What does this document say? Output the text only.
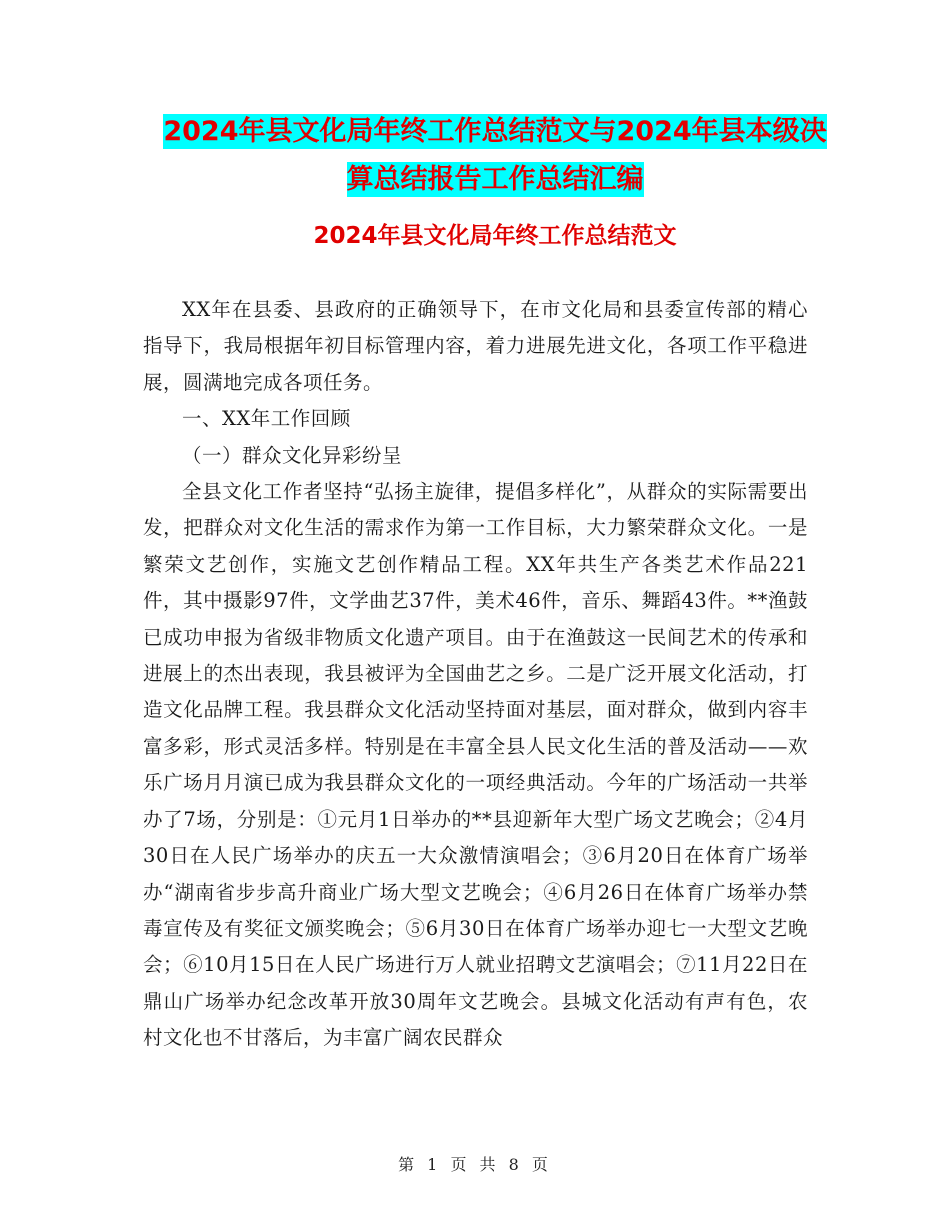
2024年县文化局年终工作总结范文与2024年县本级决
算总结报告工作总结汇编
2024年县文化局年终工作总结范文

XX年在县委、县政府的正确领导下，在市文化局和县委宣传部的精心指导下，我局根据年初目标管理内容，着力进展先进文化，各项工作平稳进展，圆满地完成各项任务。

一、XX年工作回顾

（一）群众文化异彩纷呈

全县文化工作者坚持“弘扬主旋律，提倡多样化”，从群众的实际需要出发，把群众对文化生活的需求作为第一工作目标，大力繁荣群众文化。一是繁荣文艺创作，实施文艺创作精品工程。XX年共生产各类艺术作品221件，其中摄影97件，文学曲艺37件，美术46件，音乐、舞蹈43件。**渔鼓已成功申报为省级非物质文化遗产项目。由于在渔鼓这一民间艺术的传承和进展上的杰出表现，我县被评为全国曲艺之乡。二是广泛开展文化活动，打造文化品牌工程。我县群众文化活动坚持面对基层，面对群众，做到内容丰富多彩，形式灵活多样。特别是在丰富全县人民文化生活的普及活动——欢乐广场月月演已成为我县群众文化的一项经典活动。今年的广场活动一共举办了7场，分别是：①元月1日举办的**县迎新年大型广场文艺晚会；②4月30日在人民广场举办的庆五一大众激情演唱会；③6月20日在体育广场举办“湖南省步步高升商业广场大型文艺晚会；④6月26日在体育广场举办禁毒宣传及有奖征文颁奖晚会；⑤6月30日在体育广场举办迎七一大型文艺晚会；⑥10月15日在人民广场进行万人就业招聘文艺演唱会；⑦11月22日在鼎山广场举办纪念改革开放30周年文艺晚会。县城文化活动有声有色，农村文化也不甘落后，为丰富广阔农民群众

第 1 页 共 8 页
